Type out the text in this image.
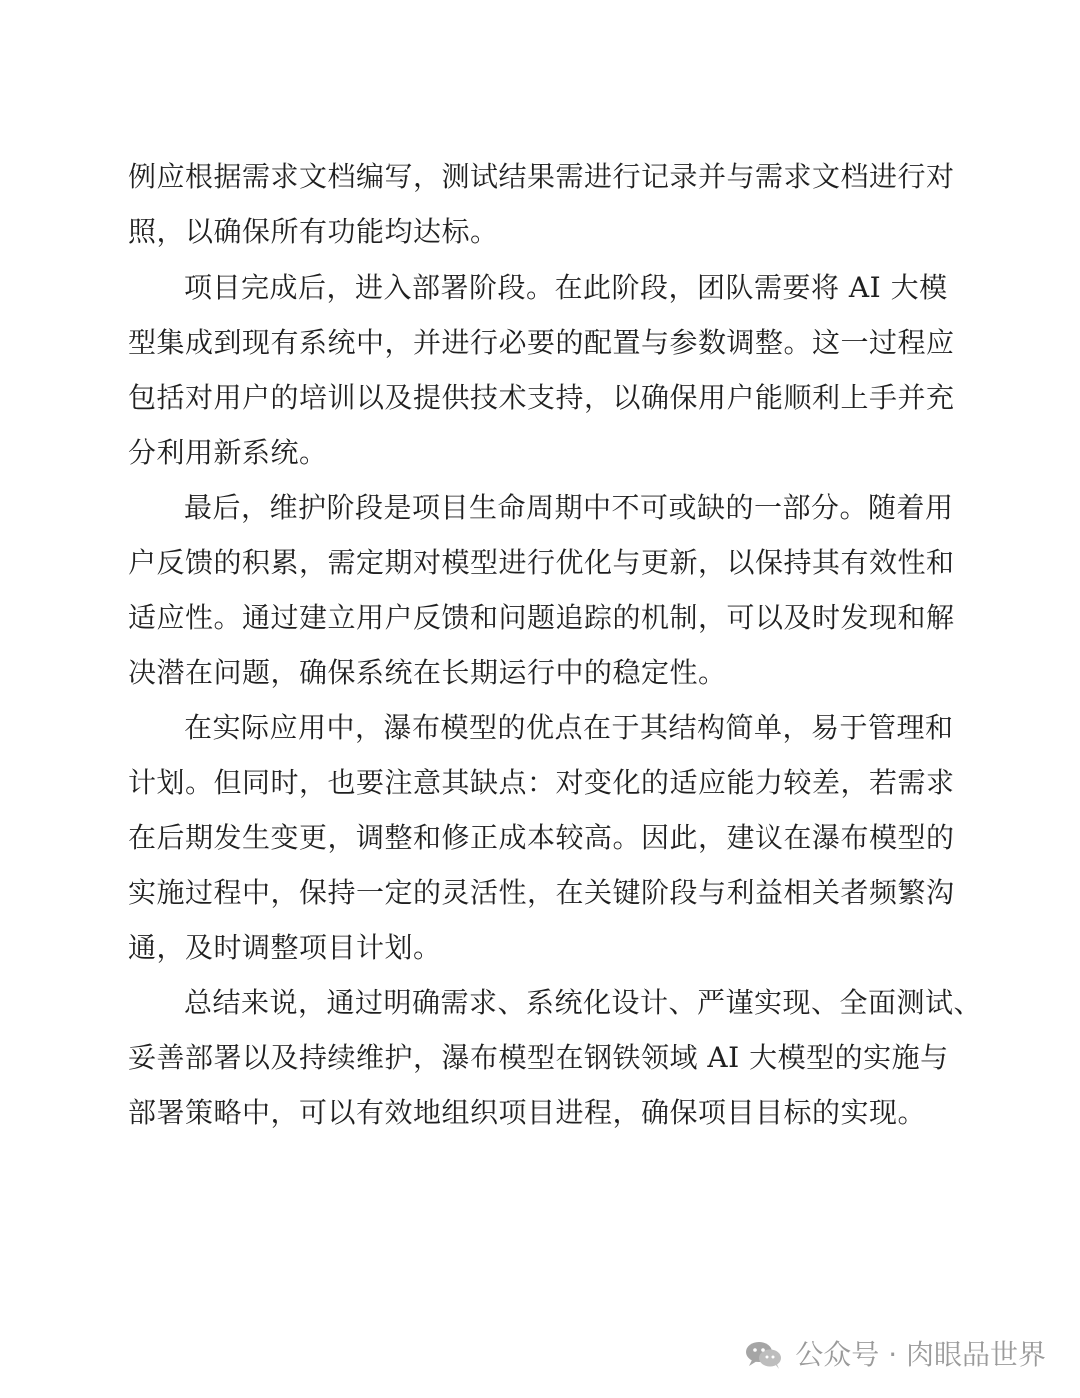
例应根据需求文档编写，测试结果需进行记录并与需求文档进行对

照，以确保所有功能均达标。

项目完成后，进入部署阶段。在此阶段，团队需要将 AI 大模

型集成到现有系统中，并进行必要的配置与参数调整。这一过程应

包括对用户的培训以及提供技术支持，以确保用户能顺利上手并充

分利用新系统。

最后，维护阶段是项目生命周期中不可或缺的一部分。随着用

户反馈的积累，需定期对模型进行优化与更新，以保持其有效性和

适应性。通过建立用户反馈和问题追踪的机制，可以及时发现和解

决潜在问题，确保系统在长期运行中的稳定性。

在实际应用中，瀑布模型的优点在于其结构简单，易于管理和

计划。但同时，也要注意其缺点：对变化的适应能力较差，若需求

在后期发生变更，调整和修正成本较高。因此，建议在瀑布模型的

实施过程中，保持一定的灵活性，在关键阶段与利益相关者频繁沟

通，及时调整项目计划。

总结来说，通过明确需求、系统化设计、严谨实现、全面测试、

妥善部署以及持续维护，瀑布模型在钢铁领域 AI 大模型的实施与

部署策略中，可以有效地组织项目进程，确保项目目标的实现。

公众号 · 肉眼品世界
